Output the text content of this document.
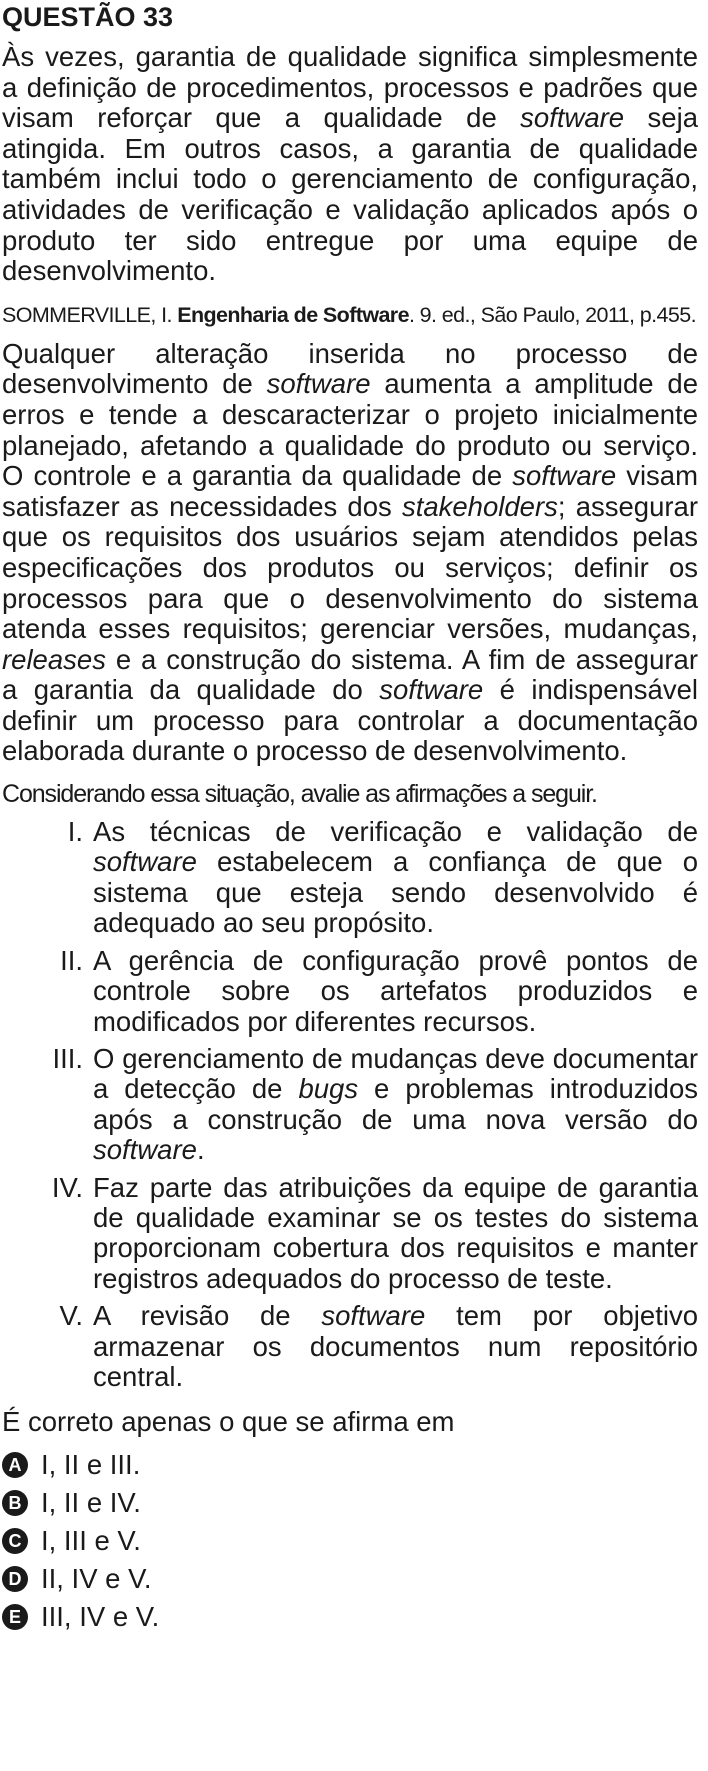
QUESTÃO 33

Às vezes, garantia de qualidade significa simplesmente a definição de procedimentos, processos e padrões que visam reforçar que a qualidade de software seja atingida. Em outros casos, a garantia de qualidade também inclui todo o gerenciamento de configuração, atividades de verificação e validação aplicados após o produto ter sido entregue por uma equipe de desenvolvimento.

SOMMERVILLE, I. Engenharia de Software. 9. ed., São Paulo, 2011, p.455.

Qualquer alteração inserida no processo de desenvolvimento de software aumenta a amplitude de erros e tende a descaracterizar o projeto inicialmente planejado, afetando a qualidade do produto ou serviço. O controle e a garantia da qualidade de software visam satisfazer as necessidades dos stakeholders; assegurar que os requisitos dos usuários sejam atendidos pelas especificações dos produtos ou serviços; definir os processos para que o desenvolvimento do sistema atenda esses requisitos; gerenciar versões, mudanças, releases e a construção do sistema. A fim de assegurar a garantia da qualidade do software é indispensável definir um processo para controlar a documentação elaborada durante o processo de desenvolvimento.

Considerando essa situação, avalie as afirmações a seguir.

I. As técnicas de verificação e validação de software estabelecem a confiança de que o sistema que esteja sendo desenvolvido é adequado ao seu propósito.
II. A gerência de configuração provê pontos de controle sobre os artefatos produzidos e modificados por diferentes recursos.
III. O gerenciamento de mudanças deve documentar a detecção de bugs e problemas introduzidos após a construção de uma nova versão do software.
IV. Faz parte das atribuições da equipe de garantia de qualidade examinar se os testes do sistema proporcionam cobertura dos requisitos e manter registros adequados do processo de teste.
V. A revisão de software tem por objetivo armazenar os documentos num repositório central.

É correto apenas o que se afirma em

A I, II e III.
B I, II e IV.
C I, III e V.
D II, IV e V.
E III, IV e V.
